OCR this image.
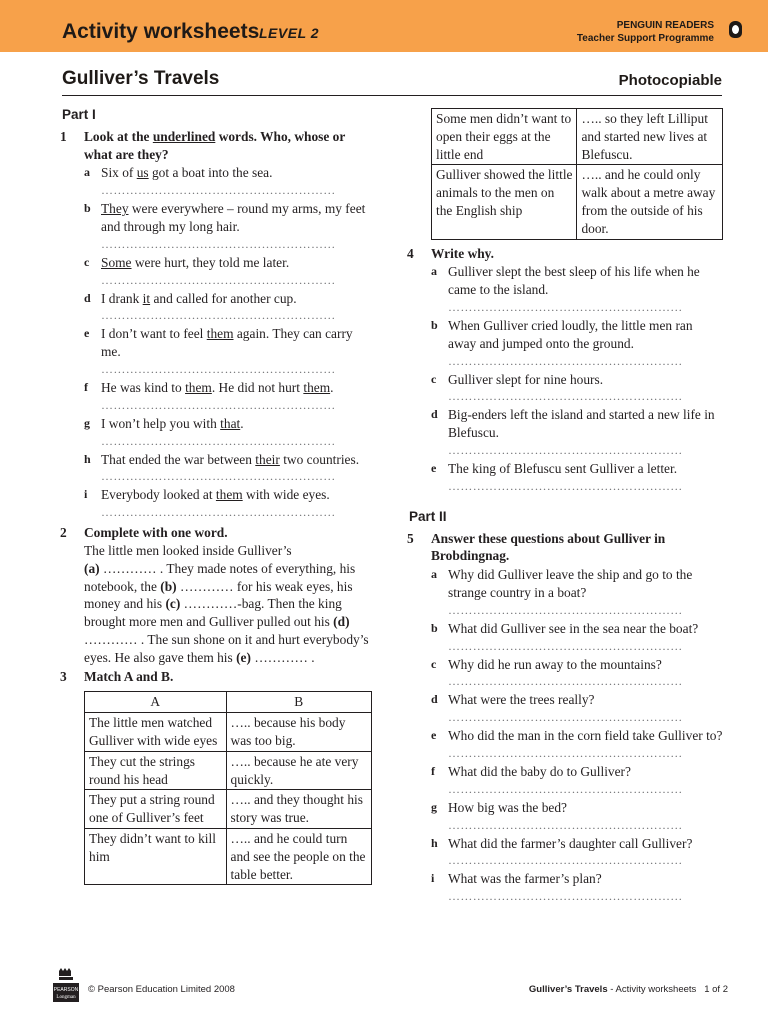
Activity worksheets LEVEL 2	PENGUIN READERS
Teacher Support Programme
Gulliver’s Travels	Photocopiable
Part I
1 Look at the underlined words. Who, whose or what are they?
a Six of us got a boat into the sea.
…………………………………………………
b They were everywhere – round my arms, my feet and through my long hair.
…………………………………………………
c Some were hurt, they told me later.
…………………………………………………
d I drank it and called for another cup.
…………………………………………………
e I don’t want to feel them again. They can carry me.
…………………………………………………
f He was kind to them. He did not hurt them.
…………………………………………………
g I won’t help you with that.
…………………………………………………
h That ended the war between their two countries.
…………………………………………………
i Everybody looked at them with wide eyes.
…………………………………………………
2 Complete with one word.
The little men looked inside Gulliver’s
(a) ………… . They made notes of everything, his notebook, the (b) ………… for his weak eyes, his money and his (c) …………-bag. Then the king brought more men and Gulliver pulled out his (d) ………… . The sun shone on it and hurt everybody’s eyes. He also gave them his (e) ………… .
3 Match A and B.
A	B
The little men watched Gulliver with wide eyes	….. because his body was too big.
They cut the strings round his head	….. because he ate very quickly.
They put a string round one of Gulliver’s feet	….. and they thought his story was true.
They didn’t want to kill him	….. and he could turn and see the people on the table better.
Some men didn’t want to open their eggs at the little end	….. so they left Lilliput and started new lives at Blefuscu.
Gulliver showed the little animals to the men on the English ship	….. and he could only walk about a metre away from the outside of his door.
4 Write why.
a Gulliver slept the best sleep of his life when he came to the island.
…………………………………………………
b When Gulliver cried loudly, the little men ran away and jumped onto the ground.
…………………………………………………
c Gulliver slept for nine hours.
…………………………………………………
d Big-enders left the island and started a new life in Blefuscu.
…………………………………………………
e The king of Blefuscu sent Gulliver a letter.
…………………………………………………
Part II
5 Answer these questions about Gulliver in Brobdingnag.
a Why did Gulliver leave the ship and go to the strange country in a boat?
…………………………………………………
b What did Gulliver see in the sea near the boat?
…………………………………………………
c Why did he run away to the mountains?
…………………………………………………
d What were the trees really?
…………………………………………………
e Who did the man in the corn field take Gulliver to?
…………………………………………………
f What did the baby do to Gulliver?
…………………………………………………
g How big was the bed?
…………………………………………………
h What did the farmer’s daughter call Gulliver?
…………………………………………………
i What was the farmer’s plan?
…………………………………………………
PEARSON
Longman
© Pearson Education Limited 2008	Gulliver’s Travels - Activity worksheets   1 of 2
